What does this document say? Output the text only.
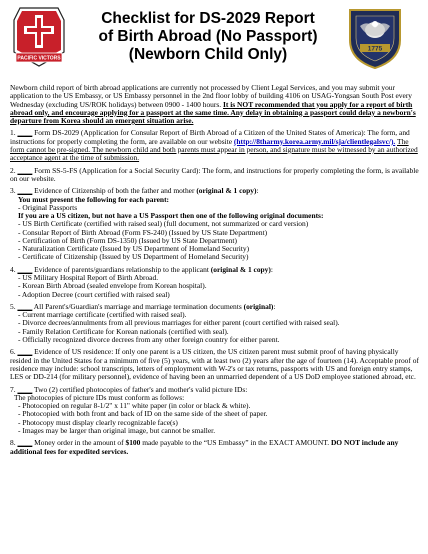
PACIFIC VICTORS
1775
Checklist for DS-2029 Report
of Birth Abroad (No Passport)
(Newborn Child Only)

Newborn child report of birth abroad applications are currently not processed by Client Legal Services, and you may submit your application to the US Embassy, or US Embassy personnel in the 2nd floor lobby of building 4106 on USAG-Yongsan South Post every Wednesday (excluding US/ROK holidays) between 0900 - 1400 hours. It is NOT recommended that you apply for a report of birth abroad only, and encourage applying for a passport at the same time. Any delay in obtaining a passport could delay a newborn's departure from Korea should an emergent situation arise.

1. ____ Form DS-2029 (Application for Consular Report of Birth Abroad of a Citizen of the United States of America): The form, and instructions for properly completing the form, are available on our website (http://8tharmy.korea.army.mil/sja/clientlegalsvc/). The form cannot be pre-signed. The newborn child and both parents must appear in person, and signature must be witnessed by an authorized acceptance agent at the time of submission.

2. ____ Form SS-5-FS (Application for a Social Security Card): The form, and instructions for properly completing the form, is available on our website.

3. ____ Evidence of Citizenship of both the father and mother (original & 1 copy):
You must present the following for each parent:
- Original Passports
If you are a US citizen, but not have a US Passport then one of the following original documents:
- US Birth Certificate (certified with raised seal) (full document, not summarized or card version)
- Consular Report of Birth Abroad (Form FS-240) (Issued by US State Department)
- Certification of Birth (Form DS-1350) (Issued by US State Department)
- Naturalization Certificate (Issued by US Department of Homeland Security)
- Certificate of Citizenship (Issued by US Department of Homeland Security)

4. ____ Evidence of parents/guardians relationship to the applicant (original & 1 copy):
- US Military Hospital Report of Birth Abroad.
- Korean Birth Abroad (sealed envelope from Korean hospital).
- Adoption Decree (court certified with raised seal)

5. ____ All Parent's/Guardian's marriage and marriage termination documents (original):
- Current marriage certificate (certified with raised seal).
- Divorce decrees/annulments from all previous marriages for either parent (court certified with raised seal).
- Family Relation Certificate for Korean nationals (certified with seal).
- Officially recognized divorce decrees from any other foreign country for either parent.

6. ____ Evidence of US residence: If only one parent is a US citizen, the US citizen parent must submit proof of having physically resided in the United States for a minimum of five (5) years, with at least two (2) years after the age of fourteen (14). Acceptable proof of residence may include: school transcripts, letters of employment with W-2's or tax returns, passports with US and foreign entry stamps, LES or DD-214 (for military personnel), evidence of having been an unmarried dependent of a US DoD employee stationed abroad, etc.

7. ____ Two (2) certified photocopies of father's and mother's valid picture IDs:
The photocopies of picture IDs must conform as follows:
- Photocopied on regular 8-1/2" x 11" white paper (in color or black & white).
- Photocopied with both front and back of ID on the same side of the sheet of paper.
- Photocopy must display clearly recognizable face(s)
- Images may be larger than original image, but cannot be smaller.

8. ____ Money order in the amount of $100 made payable to the “US Embassy” in the EXACT AMOUNT. DO NOT include any additional fees for expedited services.
